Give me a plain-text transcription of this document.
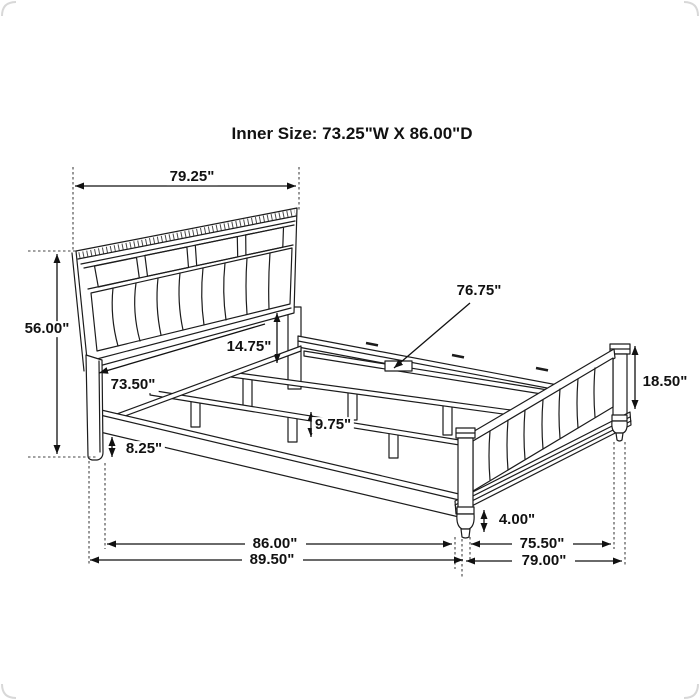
Inner Size: 73.25"W X 86.00"D
79.25"
56.00"
73.50"
14.75"
8.25"
76.75"
18.50"
9.75"
4.00"
86.00"
89.50"
75.50"
79.00"
